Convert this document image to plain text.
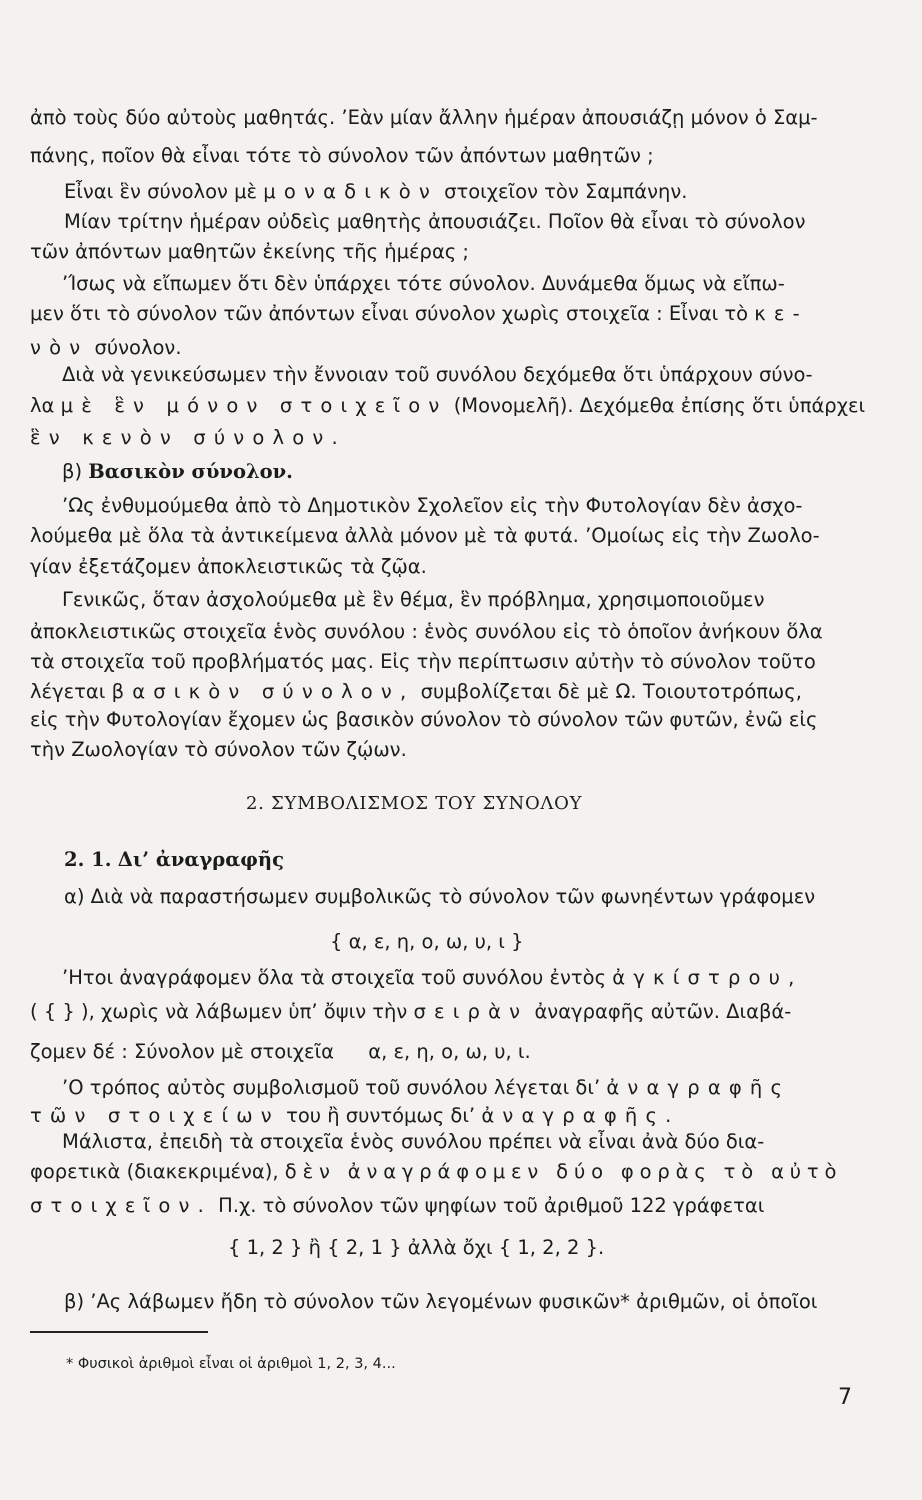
ἀπὸ τοὺς δύο αὐτοὺς μαθητάς. ʼΕὰν μίαν ἄλλην ἡμέραν ἀπουσιάζῃ μόνον ὁ Σαμ-
πάνης, ποῖον θὰ εἶναι τότε τὸ σύνολον τῶν ἀπόντων μαθητῶν ;
Εἶναι ἓν σύνολον μὲ μοναδικὸν στοιχεῖον τὸν Σαμπάνην.
Μίαν τρίτην ἡμέραν οὐδεὶς μαθητὴς ἀπουσιάζει. Ποῖον θὰ εἶναι τὸ σύνολον
τῶν ἀπόντων μαθητῶν ἐκείνης τῆς ἡμέρας ;
ʼΊσως νὰ εἴπωμεν ὅτι δὲν ὑπάρχει τότε σύνολον. Δυνάμεθα ὅμως νὰ εἴπω-
μεν ὅτι τὸ σύνολον τῶν ἀπόντων εἶναι σύνολον χωρὶς στοιχεῖα : Εἶναι τὸ κε-
νὸν σύνολον.
Διὰ νὰ γενικεύσωμεν τὴν ἔννοιαν τοῦ συνόλου δεχόμεθα ὅτι ὑπάρχουν σύνο-
λα μὲ ἓν μόνον στοιχεῖον (Μονομελῆ). Δεχόμεθα ἐπίσης ὅτι ὑπάρχει
ἓν κενὸν σύνολον.
β) Βασικὸν σύνολον.
ʼΩς ἐνθυμούμεθα ἀπὸ τὸ Δημοτικὸν Σχολεῖον εἰς τὴν Φυτολογίαν δὲν ἀσχο-
λούμεθα μὲ ὅλα τὰ ἀντικείμενα ἀλλὰ μόνον μὲ τὰ φυτά. ʼΟμοίως εἰς τὴν Ζωολο-
γίαν ἐξετάζομεν ἀποκλειστικῶς τὰ ζῷα.
Γενικῶς, ὅταν ἀσχολούμεθα μὲ ἓν θέμα, ἓν πρόβλημα, χρησιμοποιοῦμεν
ἀποκλειστικῶς στοιχεῖα ἑνὸς συνόλου : ἑνὸς συνόλου εἰς τὸ ὁποῖον ἀνήκουν ὅλα
τὰ στοιχεῖα τοῦ προβλήματός μας. Εἰς τὴν περίπτωσιν αὐτὴν τὸ σύνολον τοῦτο
λέγεται βασικὸν σύνολον, συμβολίζεται δὲ μὲ Ω. Τοιουτοτρόπως,
εἰς τὴν Φυτολογίαν ἔχομεν ὡς βασικὸν σύνολον τὸ σύνολον τῶν φυτῶν, ἐνῶ εἰς
τὴν Ζωολογίαν τὸ σύνολον τῶν ζῴων.
2. ΣΥΜΒΟΛΙΣΜΟΣ ΤΟΥ ΣΥΝΟΛΟΥ
2. 1. Δι’ ἀναγραφῆς
α) Διὰ νὰ παραστήσωμεν συμβολικῶς τὸ σύνολον τῶν φωνηέντων γράφομεν
{ α, ε, η, ο, ω, υ, ι }
ʼΗτοι ἀναγράφομεν ὅλα τὰ στοιχεῖα τοῦ συνόλου ἐντὸς ἀγκίστρου,
( { } ), χωρὶς νὰ λάβωμεν ὑπ’ ὄψιν τὴν σειρὰν ἀναγραφῆς αὐτῶν. Διαβά-
ζομεν δέ : Σύνολον μὲ στοιχεῖα α, ε, η, ο, ω, υ, ι.
ʼΟ τρόπος αὐτὸς συμβολισμοῦ τοῦ συνόλου λέγεται δι’ ἀναγραφῆς
τῶν στοιχείων του ἢ συντόμως δι’ ἀναγραφῆς.
Μάλιστα, ἐπειδὴ τὰ στοιχεῖα ἑνὸς συνόλου πρέπει νὰ εἶναι ἀνὰ δύο δια-
φορετικὰ (διακεκριμένα), δὲν ἀναγράφομεν δύο φορὰς τὸ αὐτὸ
στοιχεῖον. Π.χ. τὸ σύνολον τῶν ψηφίων τοῦ ἀριθμοῦ 122 γράφεται
{ 1, 2 } ἢ { 2, 1 } ἀλλὰ ὄχι { 1, 2, 2 }.
β) ʼΑς λάβωμεν ἤδη τὸ σύνολον τῶν λεγομένων φυσικῶν* ἀριθμῶν, οἱ ὁποῖοι
* Φυσικοὶ ἀριθμοὶ εἶναι οἱ ἀριθμοὶ 1, 2, 3, 4...
7
